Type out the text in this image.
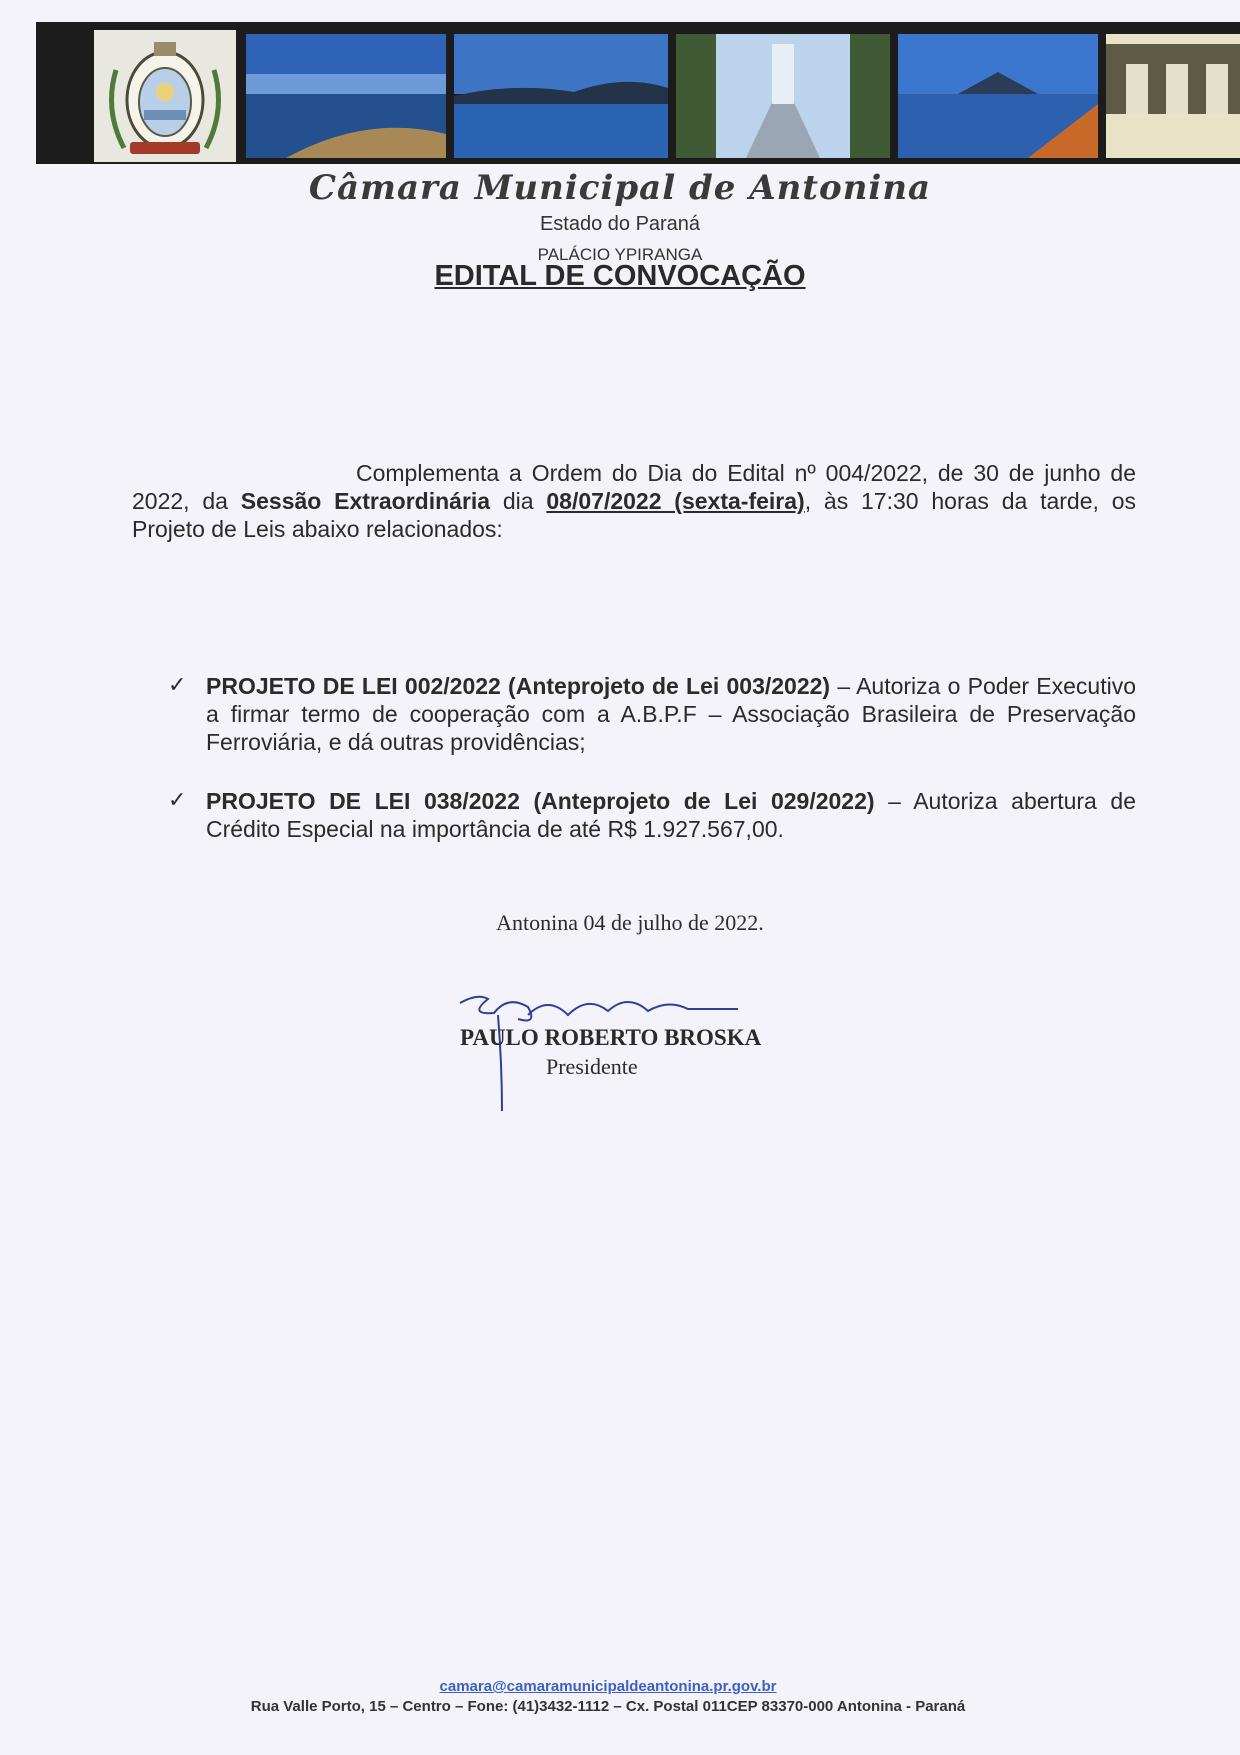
Câmara Municipal de Antonina
Estado do Paraná
PALÁCIO YPIRANGA
EDITAL DE CONVOCAÇÃO

Complementa a Ordem do Dia do Edital nº 004/2022, de 30 de junho de 2022, da Sessão Extraordinária dia 08/07/2022 (sexta-feira), às 17:30 horas da tarde, os Projeto de Leis abaixo relacionados:

✓ PROJETO DE LEI 002/2022 (Anteprojeto de Lei 003/2022) – Autoriza o Poder Executivo a firmar termo de cooperação com a A.B.P.F – Associação Brasileira de Preservação Ferroviária, e dá outras providências;
✓ PROJETO DE LEI 038/2022 (Anteprojeto de Lei 029/2022) – Autoriza abertura de Crédito Especial na importância de até R$ 1.927.567,00.
Antonina 04 de julho de 2022.
PAULO ROBERTO BROSKA
Presidente
camara@camaramunicipaldeantonina.pr.gov.br
Rua Valle Porto, 15 – Centro – Fone: (41)3432-1112 – Cx. Postal 011CEP 83370-000 Antonina - Paraná
